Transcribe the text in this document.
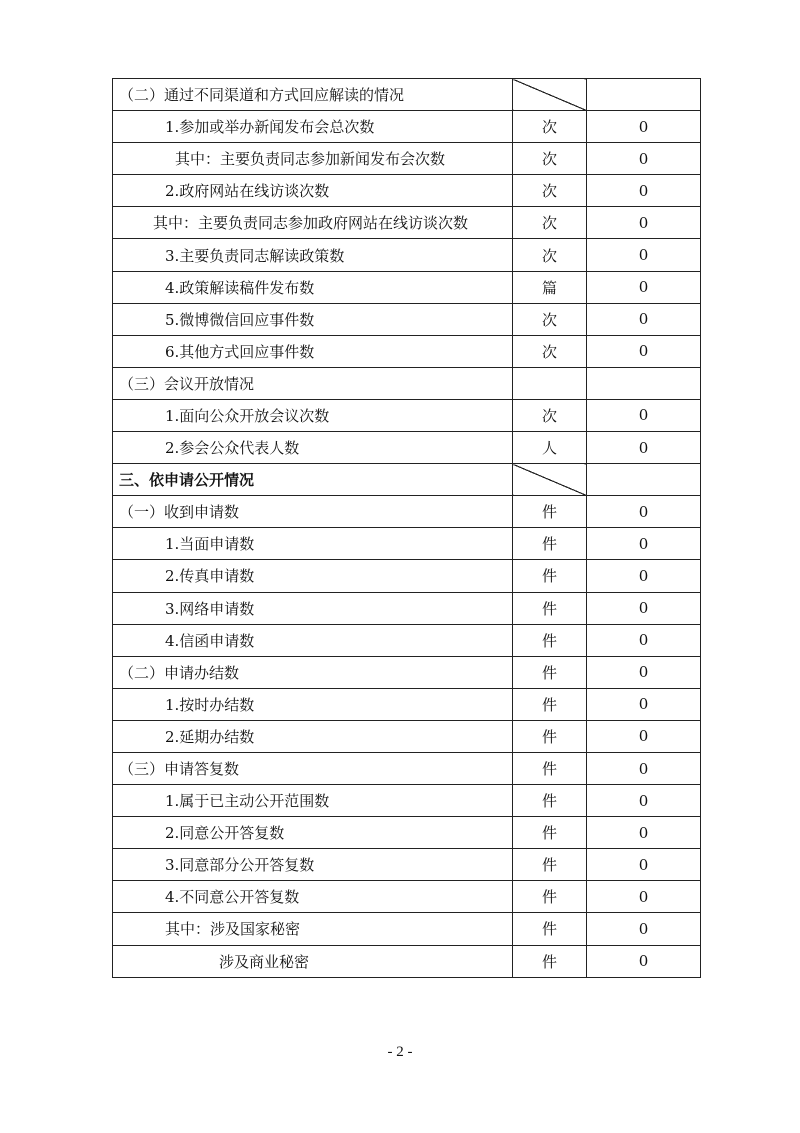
（二）通过不同渠道和方式回应解读的情况		
1.参加或举办新闻发布会总次数	次	0
其中：主要负责同志参加新闻发布会次数	次	0
2.政府网站在线访谈次数	次	0
其中：主要负责同志参加政府网站在线访谈次数	次	0
3.主要负责同志解读政策数	次	0
4.政策解读稿件发布数	篇	0
5.微博微信回应事件数	次	0
6.其他方式回应事件数	次	0
（三）会议开放情况		
1.面向公众开放会议次数	次	0
2.参会公众代表人数	人	0
三、依申请公开情况		
（一）收到申请数	件	0
1.当面申请数	件	0
2.传真申请数	件	0
3.网络申请数	件	0
4.信函申请数	件	0
（二）申请办结数	件	0
1.按时办结数	件	0
2.延期办结数	件	0
（三）申请答复数	件	0
1.属于已主动公开范围数	件	0
2.同意公开答复数	件	0
3.同意部分公开答复数	件	0
4.不同意公开答复数	件	0
其中：涉及国家秘密	件	0
涉及商业秘密	件	0
- 2 -
